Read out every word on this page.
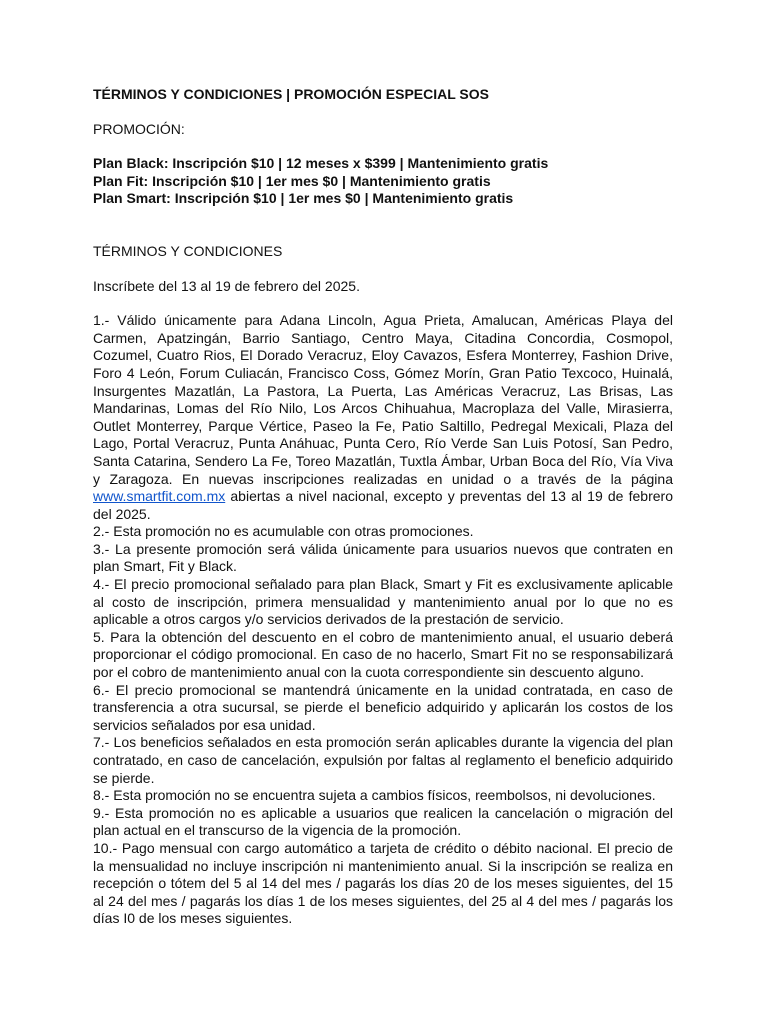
TÉRMINOS Y CONDICIONES | PROMOCIÓN ESPECIAL SOS

PROMOCIÓN:

Plan Black: Inscripción $10 | 12 meses x $399 | Mantenimiento gratis

Plan Fit: Inscripción $10 | 1er mes $0 | Mantenimiento gratis

Plan Smart: Inscripción $10 | 1er mes $0 | Mantenimiento gratis

TÉRMINOS Y CONDICIONES

Inscríbete del 13 al 19 de febrero del 2025.

1.- Válido únicamente para Adana Lincoln, Agua Prieta, Amalucan, Américas Playa del Carmen, Apatzingán, Barrio Santiago, Centro Maya, Citadina Concordia, Cosmopol, Cozumel, Cuatro Rios, El Dorado Veracruz, Eloy Cavazos, Esfera Monterrey, Fashion Drive, Foro 4 León, Forum Culiacán, Francisco Coss, Gómez Morín, Gran Patio Texcoco, Huinalá, Insurgentes Mazatlán, La Pastora, La Puerta, Las Américas Veracruz, Las Brisas, Las Mandarinas, Lomas del Río Nilo, Los Arcos Chihuahua, Macroplaza del Valle, Mirasierra, Outlet Monterrey, Parque Vértice, Paseo la Fe, Patio Saltillo, Pedregal Mexicali, Plaza del Lago, Portal Veracruz, Punta Anáhuac, Punta Cero, Río Verde San Luis Potosí, San Pedro, Santa Catarina, Sendero La Fe, Toreo Mazatlán, Tuxtla Ámbar, Urban Boca del Río, Vía Viva y Zaragoza. En nuevas inscripciones realizadas en unidad o a través de la página www.smartfit.com.mx abiertas a nivel nacional, excepto y preventas del 13 al 19 de febrero del 2025.

2.- Esta promoción no es acumulable con otras promociones.

3.- La presente promoción será válida únicamente para usuarios nuevos que contraten en plan Smart, Fit y Black.

4.- El precio promocional señalado para plan Black, Smart y Fit es exclusivamente aplicable al costo de inscripción, primera mensualidad y mantenimiento anual por lo que no es aplicable a otros cargos y/o servicios derivados de la prestación de servicio.

5. Para la obtención del descuento en el cobro de mantenimiento anual, el usuario deberá proporcionar el código promocional. En caso de no hacerlo, Smart Fit no se responsabilizará por el cobro de mantenimiento anual con la cuota correspondiente sin descuento alguno.

6.- El precio promocional se mantendrá únicamente en la unidad contratada, en caso de transferencia a otra sucursal, se pierde el beneficio adquirido y aplicarán los costos de los servicios señalados por esa unidad.

7.- Los beneficios señalados en esta promoción serán aplicables durante la vigencia del plan contratado, en caso de cancelación, expulsión por faltas al reglamento el beneficio adquirido se pierde.

8.- Esta promoción no se encuentra sujeta a cambios físicos, reembolsos, ni devoluciones.

9.- Esta promoción no es aplicable a usuarios que realicen la cancelación o migración del plan actual en el transcurso de la vigencia de la promoción.

10.- Pago mensual con cargo automático a tarjeta de crédito o débito nacional. El precio de la mensualidad no incluye inscripción ni mantenimiento anual. Si la inscripción se realiza en recepción o tótem del 5 al 14 del mes / pagarás los días 20 de los meses siguientes, del 15 al 24 del mes / pagarás los días 1 de los meses siguientes, del 25 al 4 del mes / pagarás los días I0 de los meses siguientes.
